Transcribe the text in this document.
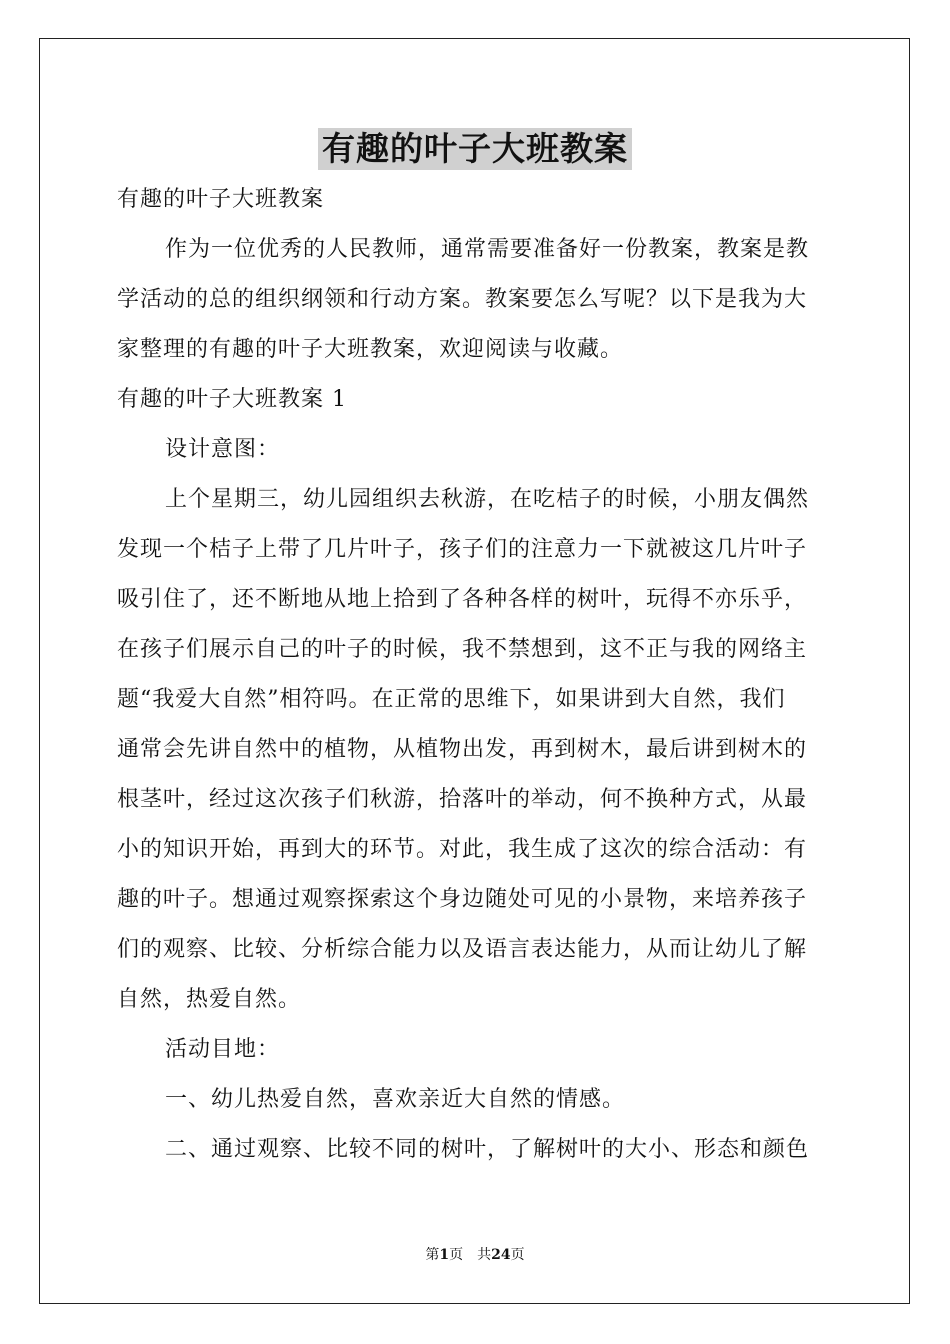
有趣的叶子大班教案
有趣的叶子大班教案
作为一位优秀的人民教师，通常需要准备好一份教案，教案是教
学活动的总的组织纲领和行动方案。教案要怎么写呢？以下是我为大
家整理的有趣的叶子大班教案，欢迎阅读与收藏。
有趣的叶子大班教案 1
设计意图：
上个星期三，幼儿园组织去秋游，在吃桔子的时候，小朋友偶然
发现一个桔子上带了几片叶子，孩子们的注意力一下就被这几片叶子
吸引住了，还不断地从地上拾到了各种各样的树叶，玩得不亦乐乎，
在孩子们展示自己的叶子的时候，我不禁想到，这不正与我的网络主
题“我爱大自然”相符吗。在正常的思维下，如果讲到大自然，我们
通常会先讲自然中的植物，从植物出发，再到树木，最后讲到树木的
根茎叶，经过这次孩子们秋游，拾落叶的举动，何不换种方式，从最
小的知识开始，再到大的环节。对此，我生成了这次的综合活动：有
趣的叶子。想通过观察探索这个身边随处可见的小景物，来培养孩子
们的观察、比较、分析综合能力以及语言表达能力，从而让幼儿了解
自然，热爱自然。
活动目地：
一、幼儿热爱自然，喜欢亲近大自然的情感。
二、通过观察、比较不同的树叶，了解树叶的大小、形态和颜色
第1页　共24页
